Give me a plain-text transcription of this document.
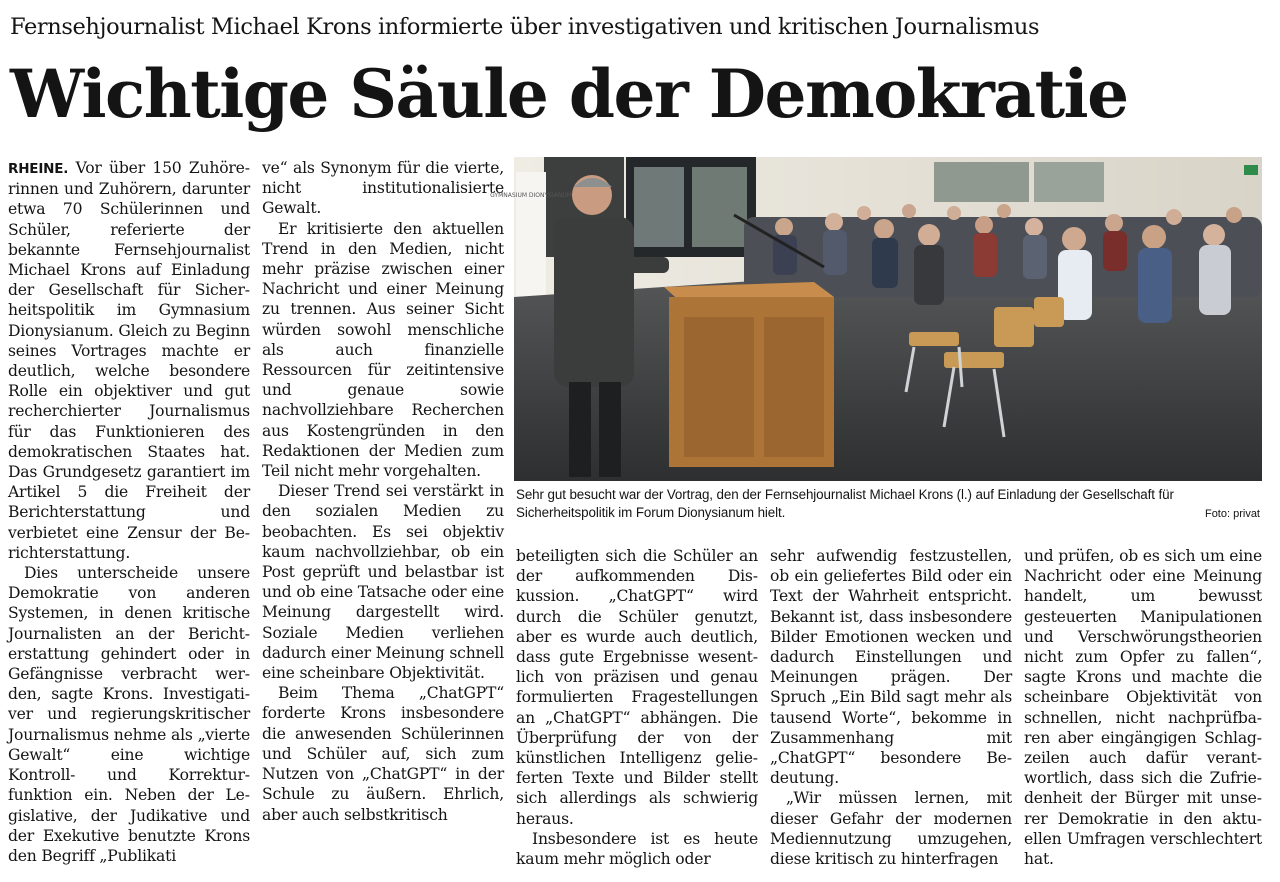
Fernsehjournalist Michael Krons informierte über investigativen und kritischen Journalismus
Wichtige Säule der Demokratie

RHEINE. Vor über 150 Zuhörerinnen und Zuhörern, darunter etwa 70 Schülerinnen und Schüler, referierte der bekannte Fernsehjournalist Michael Krons auf Einladung der Gesellschaft für Sicherheitspolitik im Gymnasium Dionysianum. Gleich zu Beginn seines Vortrages machte er deutlich, welche besondere Rolle ein objektiver und gut recherchierter Journalismus für das Funktionieren des demokratischen Staates hat. Das Grundgesetz garantiert im Artikel 5 die Freiheit der Berichterstattung und verbietet eine Zensur der Berichterstattung.

Dies unterscheide unsere Demokratie von anderen Systemen, in denen kritische Journalisten an der Berichterstattung gehindert oder in Gefängnisse verbracht werden, sagte Krons. Investigativer und regierungskritischer Journalismus nehme als „vierte Gewalt“ eine wichtige Kontroll- und Korrekturfunktion ein. Neben der Legislative, der Judikative und der Exekutive benutzte Krons den Begriff „Publikati

ve“ als Synonym für die vierte, nicht institutionalisierte Gewalt.

Er kritisierte den aktuellen Trend in den Medien, nicht mehr präzise zwischen einer Nachricht und einer Meinung zu trennen. Aus seiner Sicht würden sowohl menschliche als auch finanzielle Ressourcen für zeitintensive und genaue sowie nachvollziehbare Recherchen aus Kostengründen in den Redaktionen der Medien zum Teil nicht mehr vorgehalten.

Dieser Trend sei verstärkt in den sozialen Medien zu beobachten. Es sei objektiv kaum nachvollziehbar, ob ein Post geprüft und belastbar ist und ob eine Tatsache oder eine Meinung dargestellt wird. Soziale Medien verliehen dadurch einer Meinung schnell eine scheinbare Objektivität.

Beim Thema „ChatGPT“ forderte Krons insbesondere die anwesenden Schülerinnen und Schüler auf, sich zum Nutzen von „ChatGPT“ in der Schule zu äußern. Ehrlich, aber auch selbstkritisch

GYMNASIUM DIONYSIANUM
Sehr gut besucht war der Vortrag, den der Fernsehjournalist Michael Krons (l.) auf Einladung der Gesellschaft für Sicherheitspolitik im Forum Dionysianum hielt.	Foto: privat

beteiligten sich die Schüler an der aufkommenden Diskussion. „ChatGPT“ wird durch die Schüler genutzt, aber es wurde auch deutlich, dass gute Ergebnisse wesentlich von präzisen und genau formulierten Fragestellungen an „ChatGPT“ abhängen. Die Überprüfung der von der künstlichen Intelligenz gelieferten Texte und Bilder stellt sich allerdings als schwierig heraus.

Insbesondere ist es heute kaum mehr möglich oder

sehr aufwendig festzustellen, ob ein geliefertes Bild oder ein Text der Wahrheit entspricht. Bekannt ist, dass insbesondere Bilder Emotionen wecken und dadurch Einstellungen und Meinungen prägen. Der Spruch „Ein Bild sagt mehr als tausend Worte“, bekomme in Zusammenhang mit „ChatGPT“ besondere Bedeutung.

„Wir müssen lernen, mit dieser Gefahr der modernen Mediennutzung umzugehen, diese kritisch zu hinterfragen

und prüfen, ob es sich um eine Nachricht oder eine Meinung handelt, um bewusst gesteuerten Manipulationen und Verschwörungstheorien nicht zum Opfer zu fallen“, sagte Krons und machte die scheinbare Objektivität von schnellen, nicht nachprüfbaren aber eingängigen Schlagzeilen auch dafür verantwortlich, dass sich die Zufriedenheit der Bürger mit unserer Demokratie in den aktuellen Umfragen verschlechtert hat.
